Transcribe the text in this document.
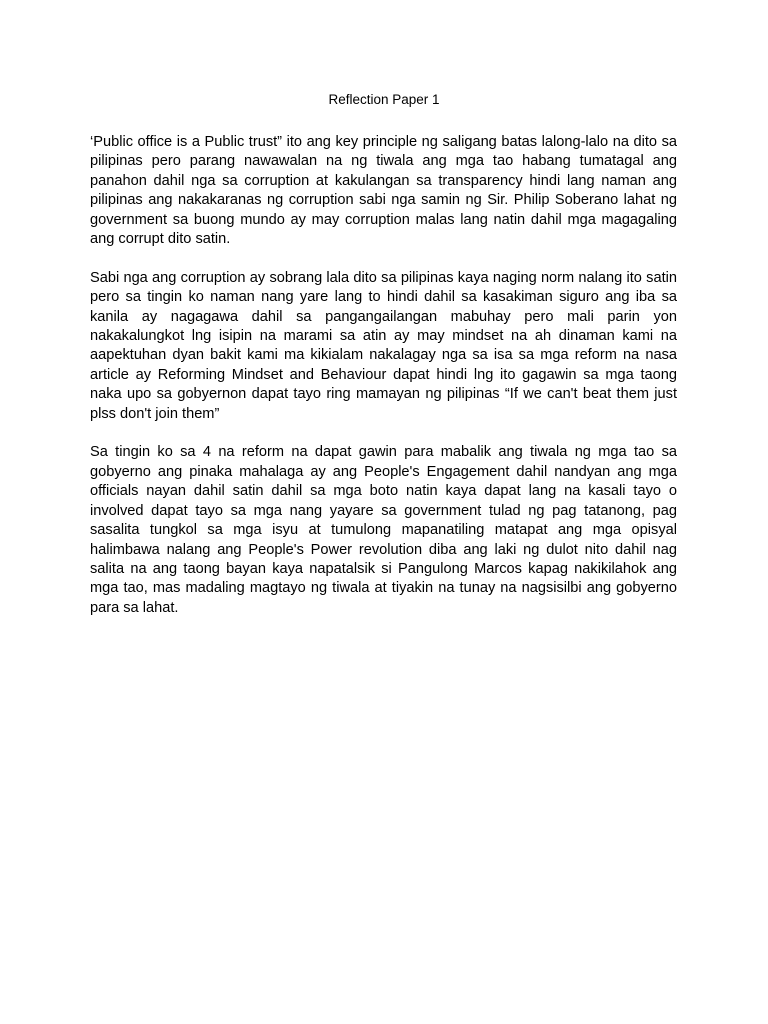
Reflection Paper 1

‘Public office is a Public trust” ito ang key principle ng saligang batas lalong-lalo na dito sa pilipinas pero parang nawawalan na ng tiwala ang mga tao habang tumatagal ang panahon dahil nga sa corruption at kakulangan sa transparency hindi lang naman ang pilipinas ang nakakaranas ng corruption sabi nga samin ng Sir. Philip Soberano lahat ng government sa buong mundo ay may corruption malas lang natin dahil mga magagaling ang corrupt dito satin.

Sabi nga ang corruption ay sobrang lala dito sa pilipinas kaya naging norm nalang ito satin pero sa tingin ko naman nang yare lang to hindi dahil sa kasakiman siguro ang iba sa kanila ay nagagawa dahil sa pangangailangan mabuhay pero mali parin yon nakakalungkot lng isipin na marami sa atin ay may mindset na ah dinaman kami na aapektuhan dyan bakit kami ma kikialam nakalagay nga sa isa sa mga reform na nasa article ay Reforming Mindset and Behaviour dapat hindi lng ito gagawin sa mga taong naka upo sa gobyernon dapat tayo ring mamayan ng pilipinas “If we can't beat them just plss don't join them”

Sa tingin ko sa 4 na reform na dapat gawin para mabalik ang tiwala ng mga tao sa gobyerno ang pinaka mahalaga ay ang People's Engagement dahil nandyan ang mga officials nayan dahil satin dahil sa mga boto natin kaya dapat lang na kasali tayo o involved dapat tayo sa mga nang yayare sa government tulad ng pag tatanong, pag sasalita tungkol sa mga isyu at tumulong mapanatiling matapat ang mga opisyal halimbawa nalang ang People's Power revolution diba ang laki ng dulot nito dahil nag salita na ang taong bayan kaya napatalsik si Pangulong Marcos kapag nakikilahok ang mga tao, mas madaling magtayo ng tiwala at tiyakin na tunay na nagsisilbi ang gobyerno para sa lahat.
